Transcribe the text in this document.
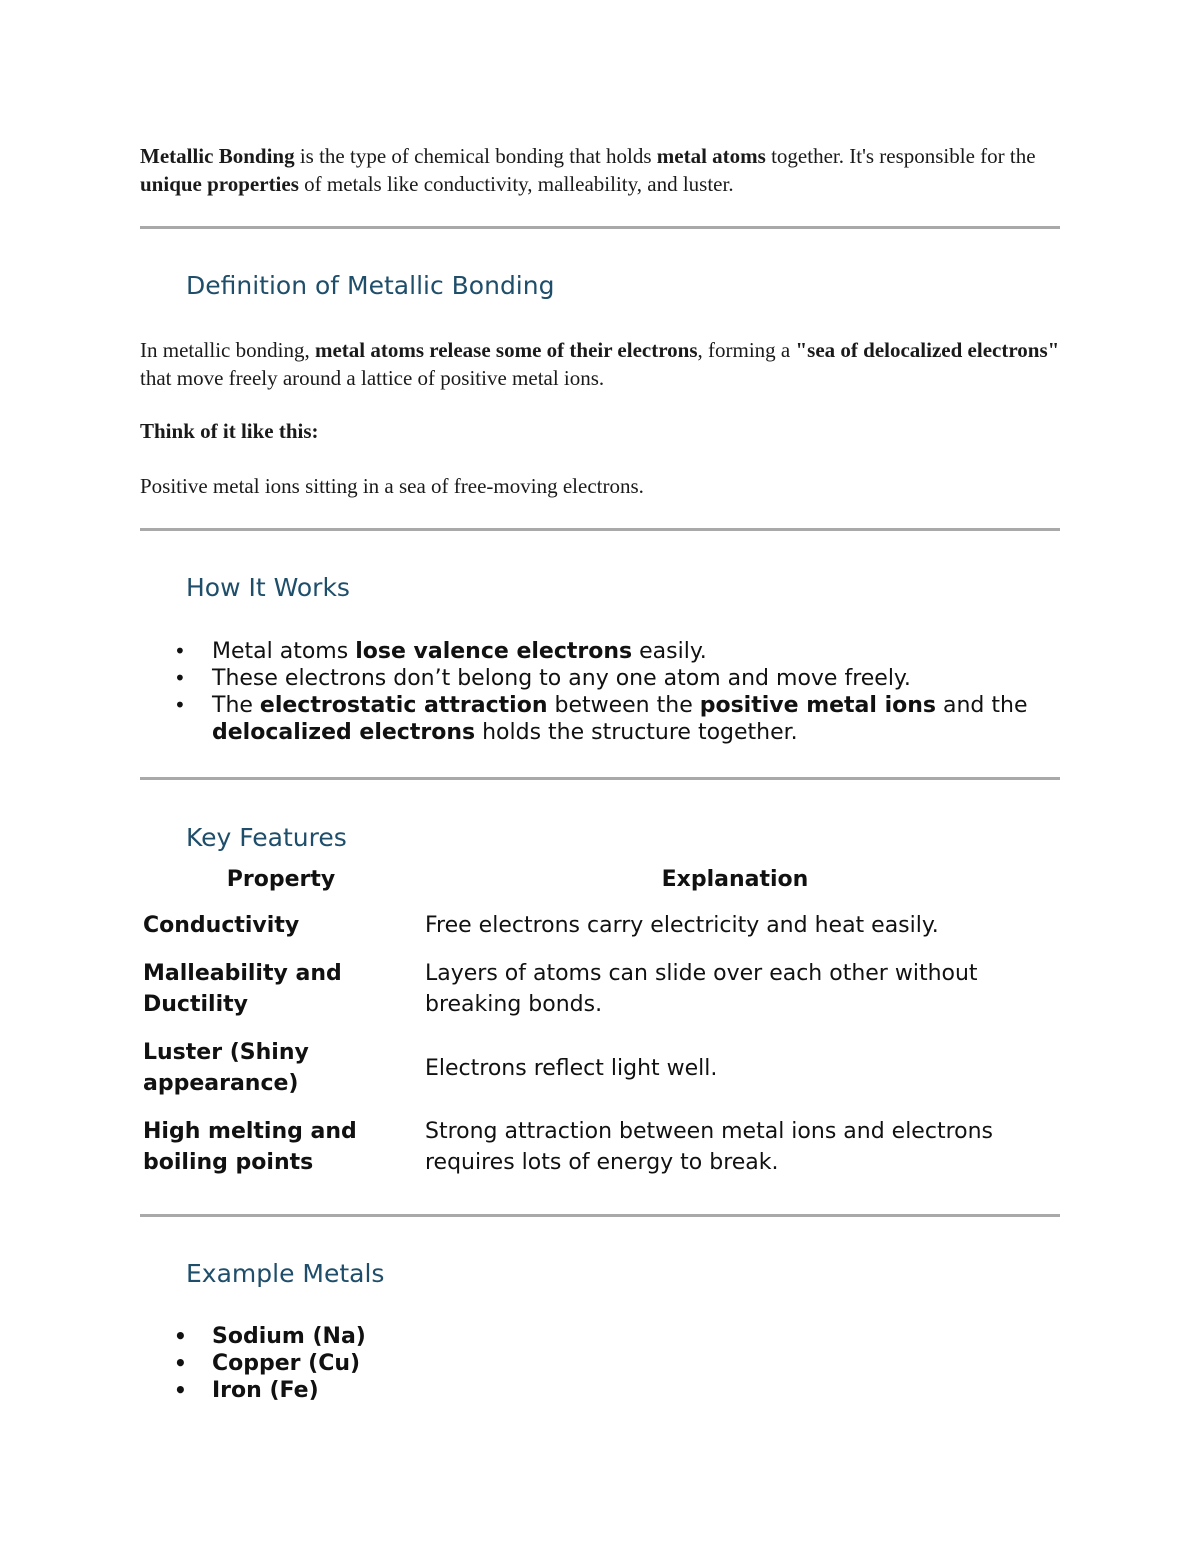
Metallic Bonding is the type of chemical bonding that holds metal atoms together. It's responsible for the unique properties of metals like conductivity, malleability, and luster.

Definition of Metallic Bonding

In metallic bonding, metal atoms release some of their electrons, forming a "sea of delocalized electrons" that move freely around a lattice of positive metal ions.

Think of it like this:

Positive metal ions sitting in a sea of free-moving electrons.

How It Works
• Metal atoms lose valence electrons easily.
• These electrons don’t belong to any one atom and move freely.
• The electrostatic attraction between the positive metal ions and the delocalized electrons holds the structure together.
Key Features
Property	Explanation
Conductivity	Free electrons carry electricity and heat easily.
Malleability and Ductility	Layers of atoms can slide over each other without breaking bonds.
Luster (Shiny appearance)	Electrons reflect light well.
High melting and boiling points	Strong attraction between metal ions and electrons requires lots of energy to break.
Example Metals
• Sodium (Na)
• Copper (Cu)
• Iron (Fe)
